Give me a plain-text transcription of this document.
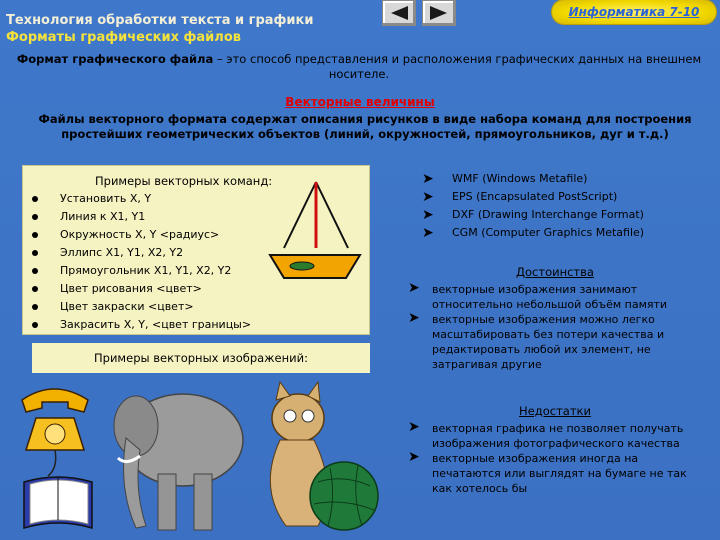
Технология обработки текста и графики
Форматы графических файлов
Информатика 7-10
Формат графического файла – это способ представления и расположения графических данных на внешнем носителе.
Векторные величины
Файлы векторного формата содержат описания рисунков в виде набора команд для построения простейших геометрических объектов (линий, окружностей, прямоугольников, дуг и т.д.)
Примеры векторных команд:
Установить X, Y
Линия к X1, Y1
Окружность X, Y <радиус>
Эллипс X1, Y1, X2, Y2
Прямоугольник X1, Y1, X2, Y2
Цвет рисования <цвет>
Цвет закраски <цвет>
Закрасить X, Y, <цвет границы>
Примеры векторных изображений:
➤ WMF (Windows Metafile)
➤ EPS (Encapsulated PostScript)
➤ DXF (Drawing Interchange Format)
➤ CGM (Computer Graphics Metafile)
Достоинства
➤ векторные изображения занимают относительно небольшой объём памяти
➤ векторные изображения можно легко масштабировать без потери качества и редактировать любой их элемент, не затрагивая другие
Недостатки
➤ векторная графика не позволяет получать изображения фотографического качества
➤ векторные изображения иногда на печатаются или выглядят на бумаге не так как хотелось бы
